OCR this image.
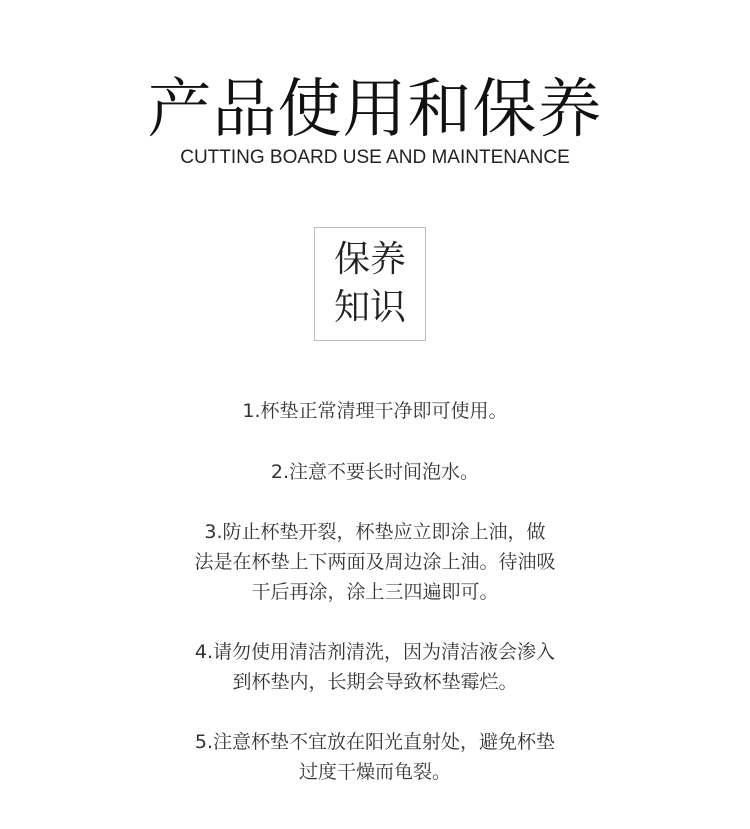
产品使用和保养
CUTTING BOARD USE AND MAINTENANCE
保养
知识
1.杯垫正常清理干净即可使用。
2.注意不要长时间泡水。
3.防止杯垫开裂，杯垫应立即涂上油，做
法是在杯垫上下两面及周边涂上油。待油吸
干后再涂，涂上三四遍即可。
4.请勿使用清洁剂清洗，因为清洁液会渗入
到杯垫内，长期会导致杯垫霉烂。
5.注意杯垫不宜放在阳光直射处，避免杯垫
过度干燥而龟裂。
